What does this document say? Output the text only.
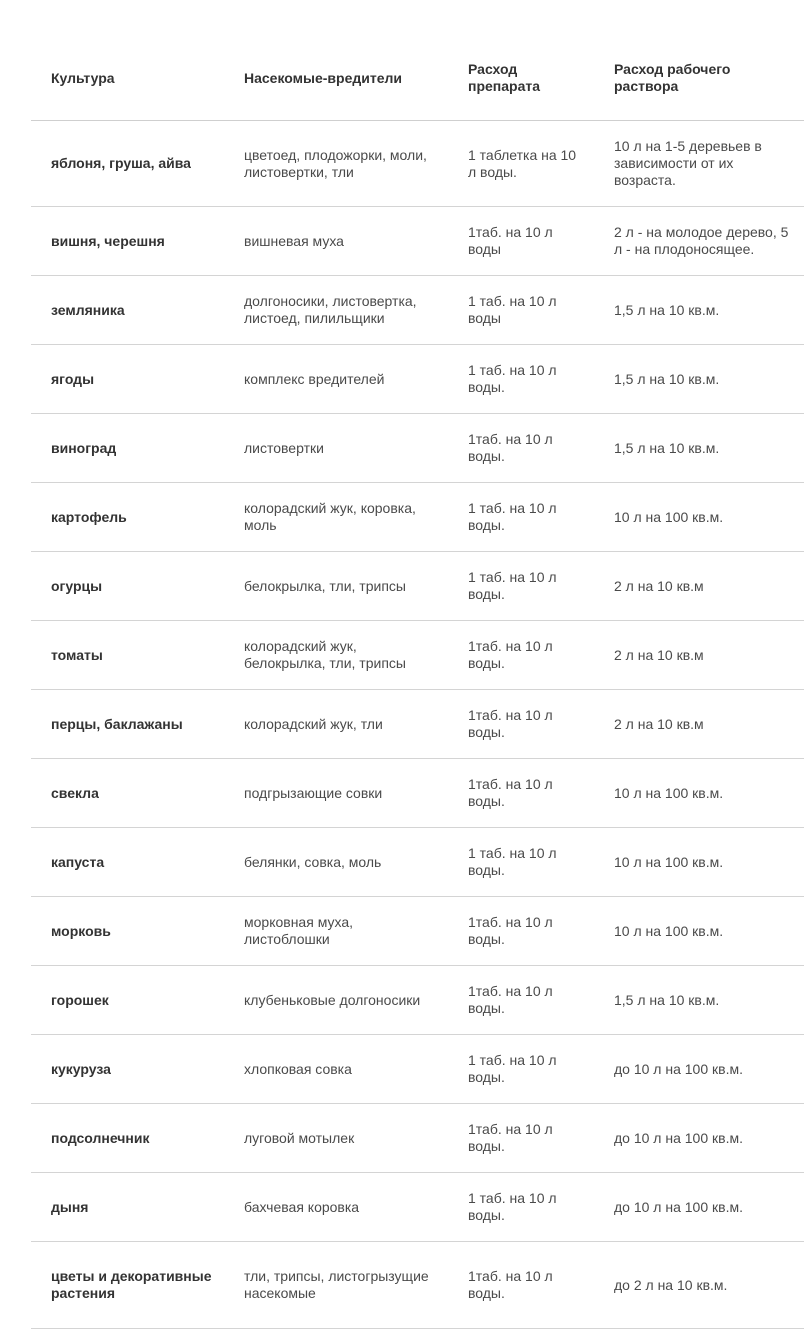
Культура	Насекомые-вредители	Расход препарата	Расход рабочего раствора
яблоня, груша, айва	цветоед, плодожорки, моли, листовертки, тли	1 таблетка на 10 л воды.	10 л на 1-5 деревьев в зависимости от их возраста.
вишня, черешня	вишневая муха	1таб. на 10 л воды	2 л - на молодое дерево, 5 л - на плодоносящее.
земляника	долгоносики, листовертка, листоед, пилильщики	1 таб. на 10 л воды	1,5 л на 10 кв.м.
ягоды	комплекс вредителей	1 таб. на 10 л воды.	1,5 л на 10 кв.м.
виноград	листовертки	1таб. на 10 л воды.	1,5 л на 10 кв.м.
картофель	колорадский жук, коровка, моль	1 таб. на 10 л воды.	10 л на 100 кв.м.
огурцы	белокрылка, тли, трипсы	1 таб. на 10 л воды.	2 л на 10 кв.м
томаты	колорадский жук, белокрылка, тли, трипсы	1таб. на 10 л воды.	2 л на 10 кв.м
перцы, баклажаны	колорадский жук, тли	1таб. на 10 л воды.	2 л на 10 кв.м
свекла	подгрызающие совки	1таб. на 10 л воды.	10 л на 100 кв.м.
капуста	белянки, совка, моль	1 таб. на 10 л воды.	10 л на 100 кв.м.
морковь	морковная муха, листоблошки	1таб. на 10 л воды.	10 л на 100 кв.м.
горошек	клубеньковые долгоносики	1таб. на 10 л воды.	1,5 л на 10 кв.м.
кукуруза	хлопковая совка	1 таб. на 10 л воды.	до 10 л на 100 кв.м.
подсолнечник	луговой мотылек	1таб. на 10 л воды.	до 10 л на 100 кв.м.
дыня	бахчевая коровка	1 таб. на 10 л воды.	до 10 л на 100 кв.м.
цветы и декоративные растения	тли, трипсы, листогрызущие насекомые	1таб. на 10 л воды.	до 2 л на 10 кв.м.
